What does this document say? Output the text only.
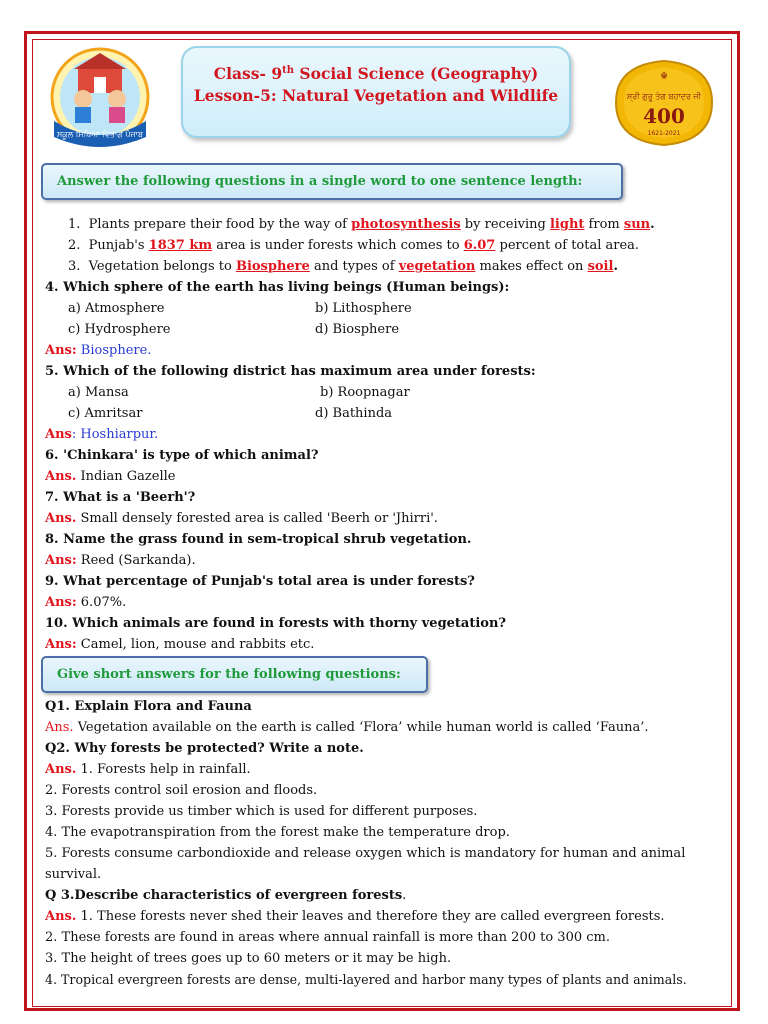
ਸਕੂਲ ਸਿੱਖਿਆ ਵਿਭਾਗ ਪੰਜਾਬ
Class- 9th Social Science (Geography)
Lesson-5: Natural Vegetation and Wildlife
☬
ਸ੍ਰੀ ਗੁਰੂ ਤੇਗ ਬਹਾਦਰ ਜੀ
400
1621-2021
Answer the following questions in a single word to one sentence length:
1. Plants prepare their food by the way of photosynthesis by receiving light from sun.
2. Punjab's 1837 km area is under forests which comes to 6.07 percent of total area.
3. Vegetation belongs to Biosphere and types of vegetation makes effect on soil.
4. Which sphere of the earth has living beings (Human beings):
a) Atmosphere	b) Lithosphere
c) Hydrosphere	d) Biosphere
Ans: Biosphere.
5. Which of the following district has maximum area under forests:
a) Mansa	b) Roopnagar
c) Amritsar	d) Bathinda
Ans: Hoshiarpur.
6. 'Chinkara' is type of which animal?
Ans. Indian Gazelle
7. What is a 'Beerh'?
Ans. Small densely forested area is called 'Beerh or 'Jhirri'.
8. Name the grass found in sem-tropical shrub vegetation.
Ans: Reed (Sarkanda).
9. What percentage of Punjab's total area is under forests?
Ans: 6.07%.
10. Which animals are found in forests with thorny vegetation?
Ans: Camel, lion, mouse and rabbits etc.
Give short answers for the following questions:
Q1. Explain Flora and Fauna
Ans. Vegetation available on the earth is called ‘Flora’ while human world is called ‘Fauna’.
Q2. Why forests be protected? Write a note.
Ans. 1. Forests help in rainfall.
2. Forests control soil erosion and floods.
3. Forests provide us timber which is used for different purposes.
4. The evapotranspiration from the forest make the temperature drop.
5. Forests consume carbondioxide and release oxygen which is mandatory for human and animal
survival.
Q 3.Describe characteristics of evergreen forests.
Ans. 1. These forests never shed their leaves and therefore they are called evergreen forests.
2. These forests are found in areas where annual rainfall is more than 200 to 300 cm.
3. The height of trees goes up to 60 meters or it may be high.
4. Tropical evergreen forests are dense, multi-layered and harbor many types of plants and animals.
